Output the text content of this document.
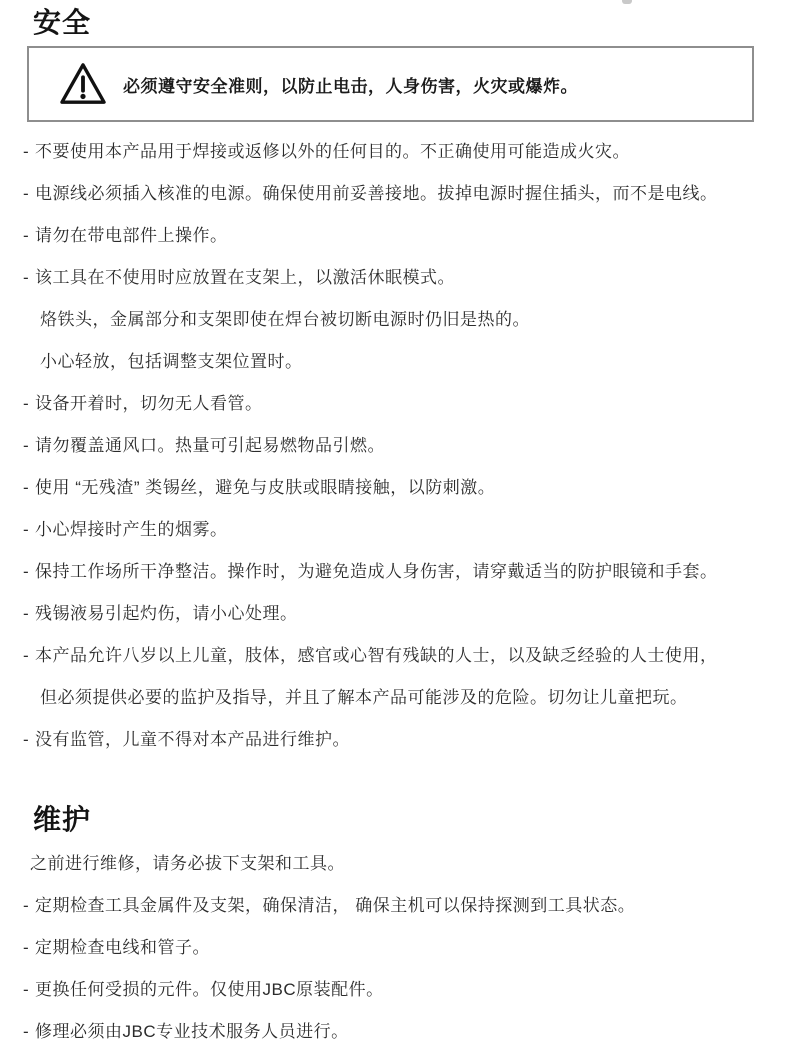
安全

必须遵守安全准则，以防止电击，人身伤害，火灾或爆炸。

- 不要使用本产品用于焊接或返修以外的任何目的。不正确使用可能造成火灾。
- 电源线必须插入核准的电源。确保使用前妥善接地。拔掉电源时握住插头，而不是电线。
- 请勿在带电部件上操作。
- 该工具在不使用时应放置在支架上，以激活休眠模式。
烙铁头，金属部分和支架即使在焊台被切断电源时仍旧是热的。
小心轻放，包括调整支架位置时。
- 设备开着时，切勿无人看管。
- 请勿覆盖通风口。热量可引起易燃物品引燃。
- 使用 “无残渣” 类锡丝，避免与皮肤或眼睛接触，以防刺激。
- 小心焊接时产生的烟雾。
- 保持工作场所干净整洁。操作时，为避免造成人身伤害，请穿戴适当的防护眼镜和手套。
- 残锡液易引起灼伤，请小心处理。
- 本产品允许八岁以上儿童，肢体，感官或心智有残缺的人士，以及缺乏经验的人士使用，
但必须提供必要的监护及指导，并且了解本产品可能涉及的危险。切勿让儿童把玩。
- 没有监管，儿童不得对本产品进行维护。
维护

之前进行维修，请务必拔下支架和工具。

- 定期检查工具金属件及支架，确保清洁， 确保主机可以保持探测到工具状态。
- 定期检查电线和管子。
- 更换任何受损的元件。仅使用JBC原装配件。
- 修理必须由JBC专业技术服务人员进行。
